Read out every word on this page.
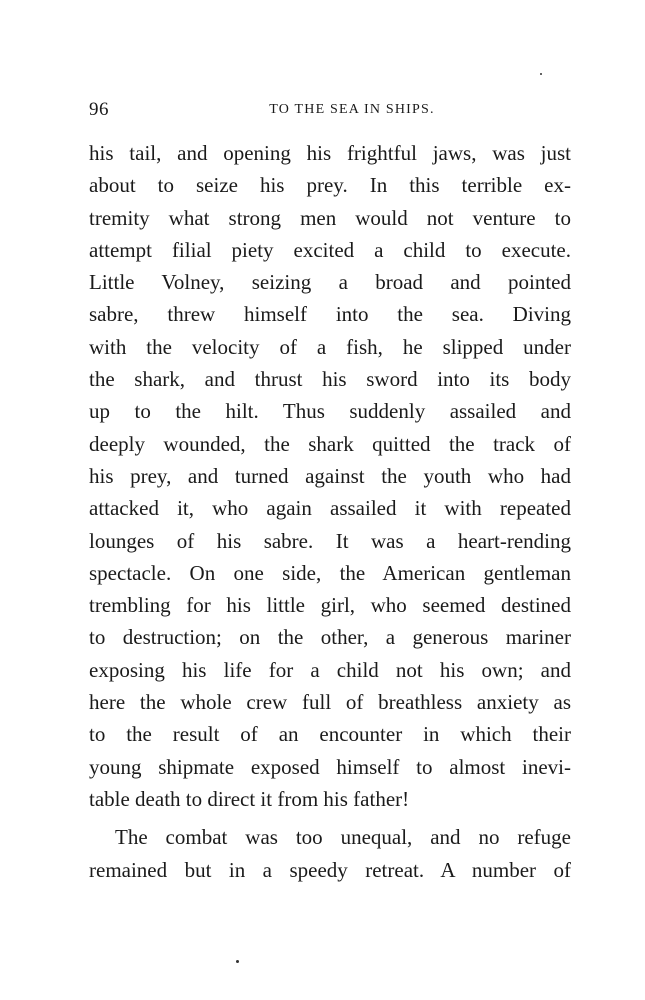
96	TO THE SEA IN SHIPS.
his tail, and opening his frightful jaws, was just
about to seize his prey. In this terrible ex-
tremity what strong men would not venture to
attempt filial piety excited a child to execute.
Little Volney, seizing a broad and pointed
sabre, threw himself into the sea. Diving
with the velocity of a fish, he slipped under
the shark, and thrust his sword into its body
up to the hilt. Thus suddenly assailed and
deeply wounded, the shark quitted the track of
his prey, and turned against the youth who had
attacked it, who again assailed it with repeated
lounges of his sabre. It was a heart-rending
spectacle. On one side, the American gentleman
trembling for his little girl, who seemed destined
to destruction; on the other, a generous mariner
exposing his life for a child not his own; and
here the whole crew full of breathless anxiety as
to the result of an encounter in which their
young shipmate exposed himself to almost inevi-
table death to direct it from his father!
The combat was too unequal, and no refuge
remained but in a speedy retreat. A number of
